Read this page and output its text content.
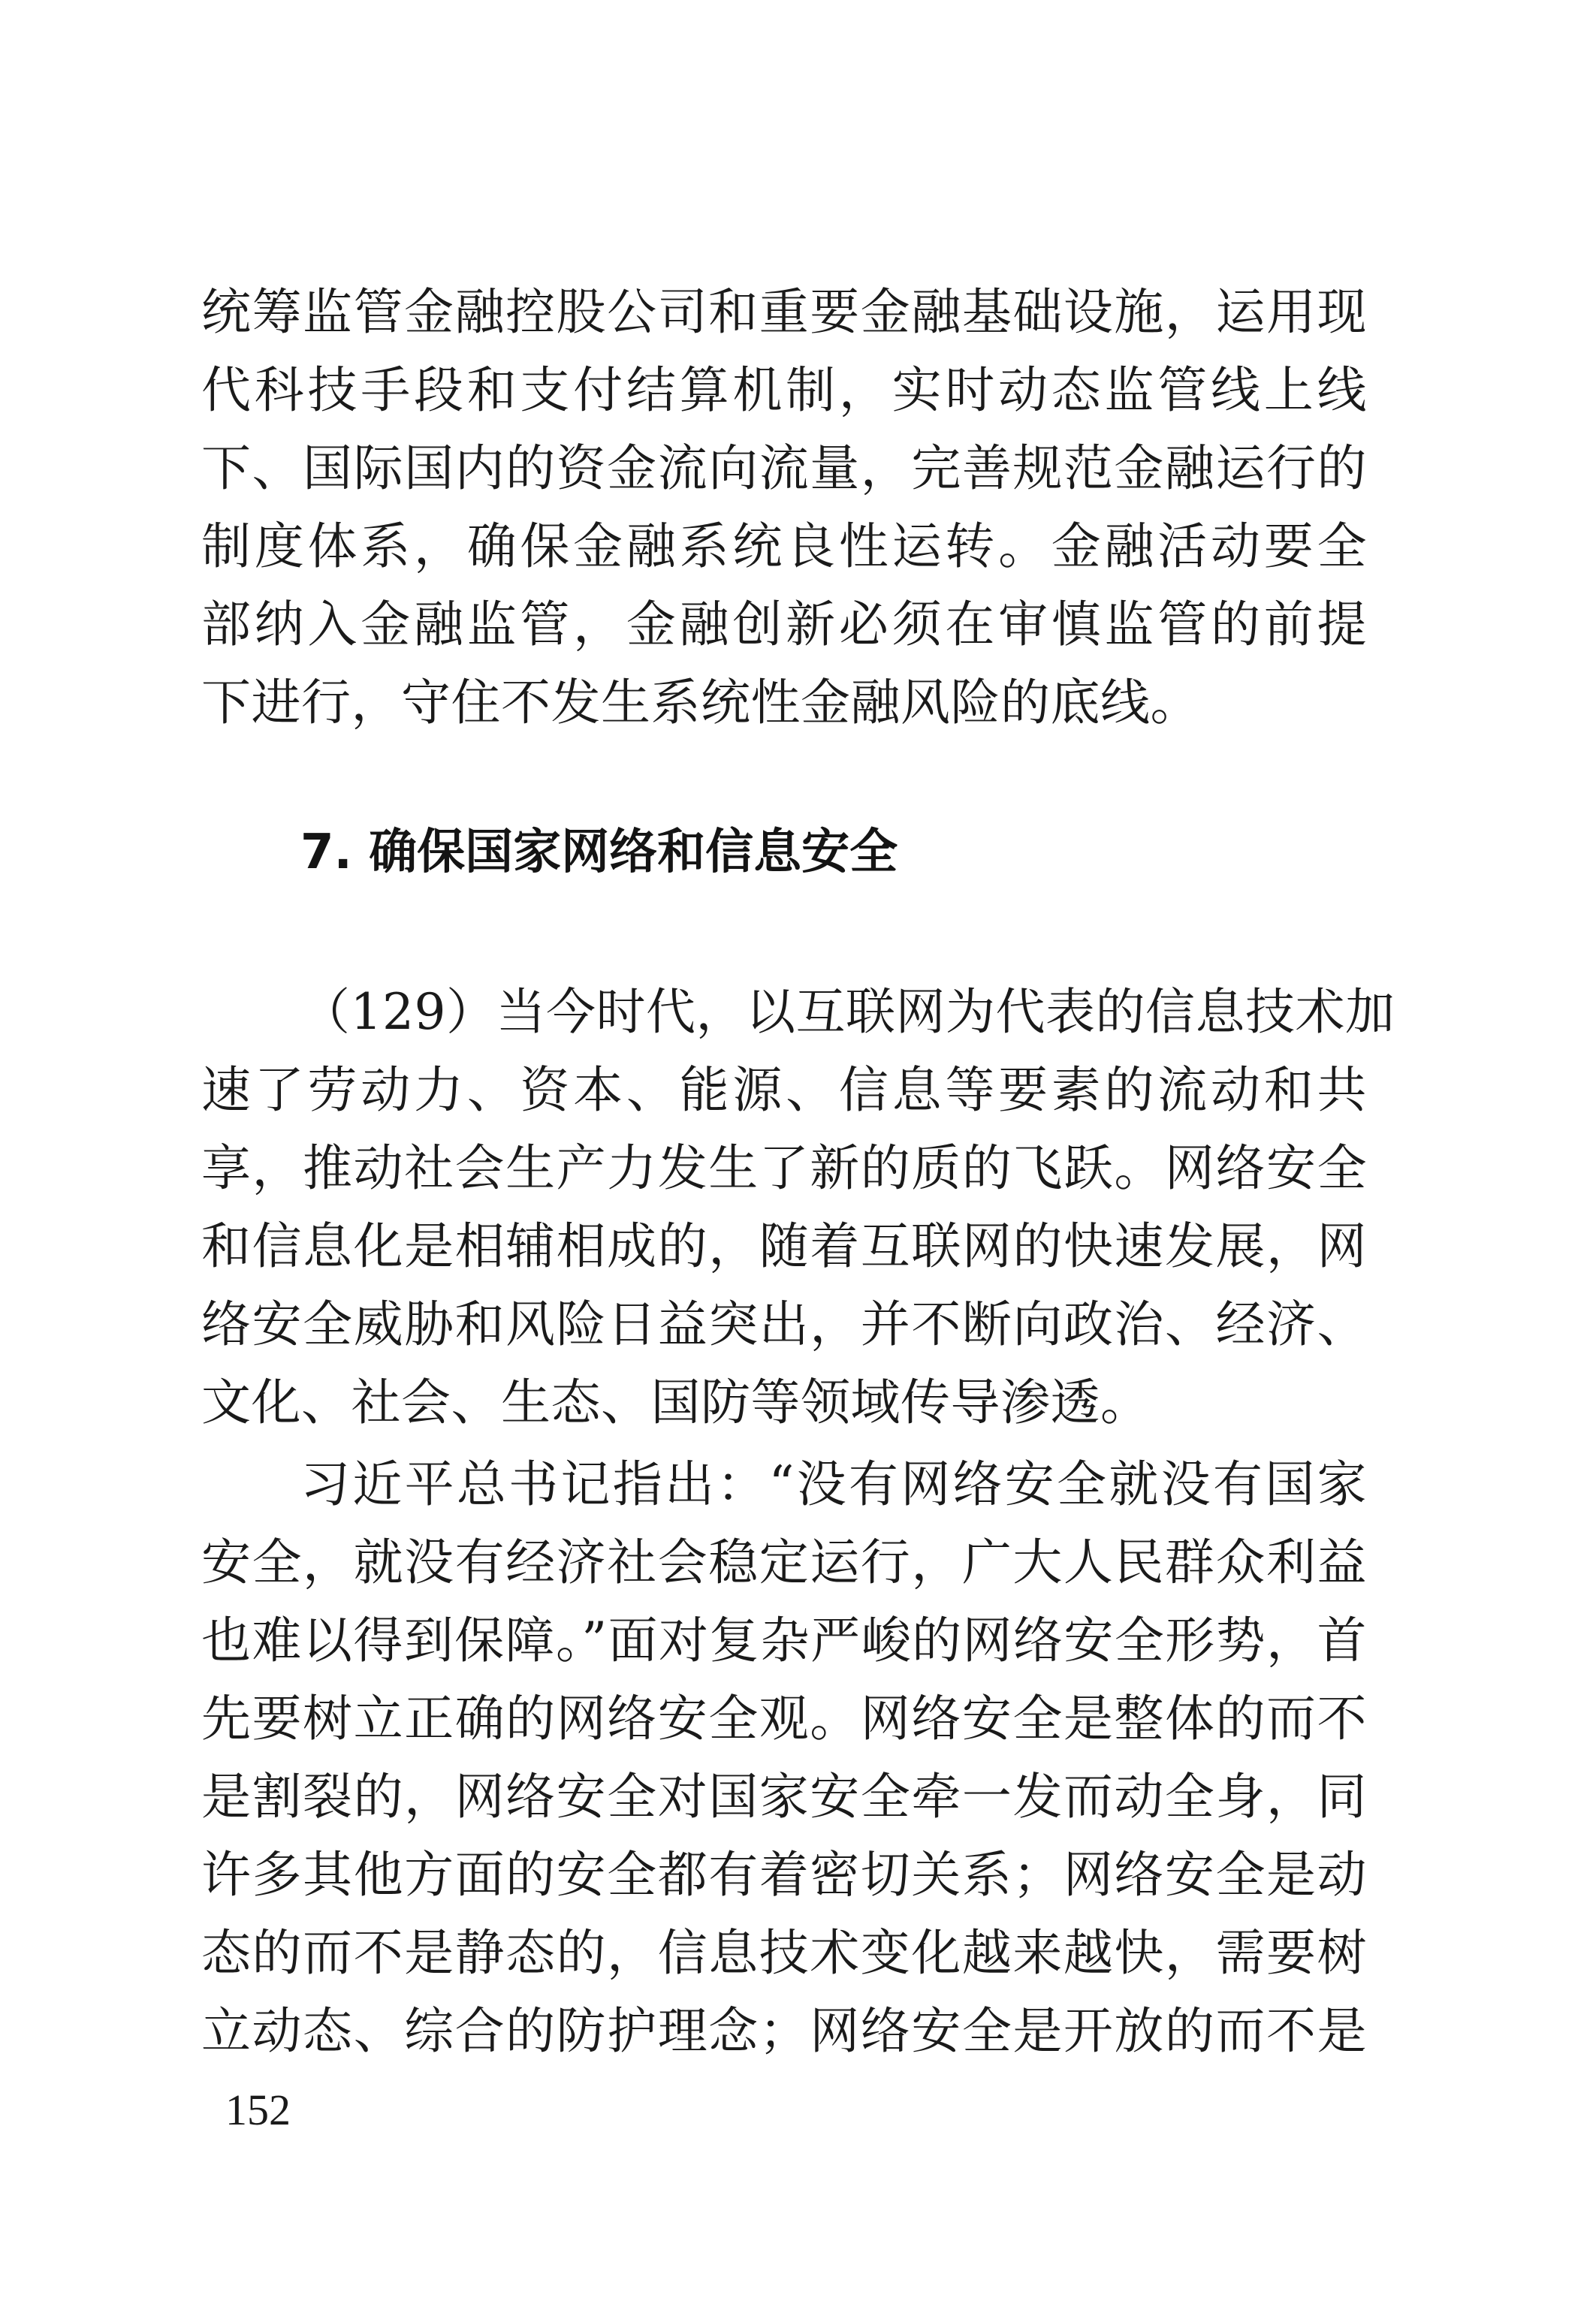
统筹监管金融控股公司和重要金融基础设施，运用现
代科技手段和支付结算机制，实时动态监管线上线
下、国际国内的资金流向流量，完善规范金融运行的
制度体系，确保金融系统良性运转。金融活动要全
部纳入金融监管，金融创新必须在审慎监管的前提
下进行，守住不发生系统性金融风险的底线。
7. 确保国家网络和信息安全
（129）当今时代，以互联网为代表的信息技术加
速了劳动力、资本、能源、信息等要素的流动和共
享，推动社会生产力发生了新的质的飞跃。网络安全
和信息化是相辅相成的，随着互联网的快速发展，网
络安全威胁和风险日益突出，并不断向政治、经济、
文化、社会、生态、国防等领域传导渗透。
习近平总书记指出：“没有网络安全就没有国家
安全，就没有经济社会稳定运行，广大人民群众利益
也难以得到保障。”面对复杂严峻的网络安全形势，首
先要树立正确的网络安全观。网络安全是整体的而不
是割裂的，网络安全对国家安全牵一发而动全身，同
许多其他方面的安全都有着密切关系；网络安全是动
态的而不是静态的，信息技术变化越来越快，需要树
立动态、综合的防护理念；网络安全是开放的而不是
152
